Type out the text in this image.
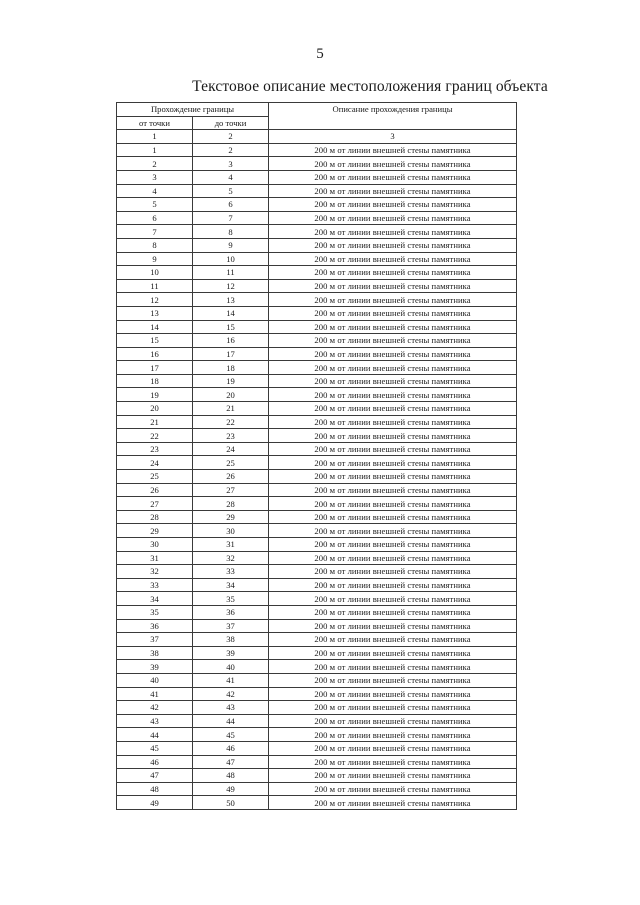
5
Текстовое описание местоположения границ объекта
Прохождение границы		Описание прохождения границы
от точки	до точки	
1	2	3
1	2	200 м от линии внешней стены памятника
2	3	200 м от линии внешней стены памятника
3	4	200 м от линии внешней стены памятника
4	5	200 м от линии внешней стены памятника
5	6	200 м от линии внешней стены памятника
6	7	200 м от линии внешней стены памятника
7	8	200 м от линии внешней стены памятника
8	9	200 м от линии внешней стены памятника
9	10	200 м от линии внешней стены памятника
10	11	200 м от линии внешней стены памятника
11	12	200 м от линии внешней стены памятника
12	13	200 м от линии внешней стены памятника
13	14	200 м от линии внешней стены памятника
14	15	200 м от линии внешней стены памятника
15	16	200 м от линии внешней стены памятника
16	17	200 м от линии внешней стены памятника
17	18	200 м от линии внешней стены памятника
18	19	200 м от линии внешней стены памятника
19	20	200 м от линии внешней стены памятника
20	21	200 м от линии внешней стены памятника
21	22	200 м от линии внешней стены памятника
22	23	200 м от линии внешней стены памятника
23	24	200 м от линии внешней стены памятника
24	25	200 м от линии внешней стены памятника
25	26	200 м от линии внешней стены памятника
26	27	200 м от линии внешней стены памятника
27	28	200 м от линии внешней стены памятника
28	29	200 м от линии внешней стены памятника
29	30	200 м от линии внешней стены памятника
30	31	200 м от линии внешней стены памятника
31	32	200 м от линии внешней стены памятника
32	33	200 м от линии внешней стены памятника
33	34	200 м от линии внешней стены памятника
34	35	200 м от линии внешней стены памятника
35	36	200 м от линии внешней стены памятника
36	37	200 м от линии внешней стены памятника
37	38	200 м от линии внешней стены памятника
38	39	200 м от линии внешней стены памятника
39	40	200 м от линии внешней стены памятника
40	41	200 м от линии внешней стены памятника
41	42	200 м от линии внешней стены памятника
42	43	200 м от линии внешней стены памятника
43	44	200 м от линии внешней стены памятника
44	45	200 м от линии внешней стены памятника
45	46	200 м от линии внешней стены памятника
46	47	200 м от линии внешней стены памятника
47	48	200 м от линии внешней стены памятника
48	49	200 м от линии внешней стены памятника
49	50	200 м от линии внешней стены памятника
